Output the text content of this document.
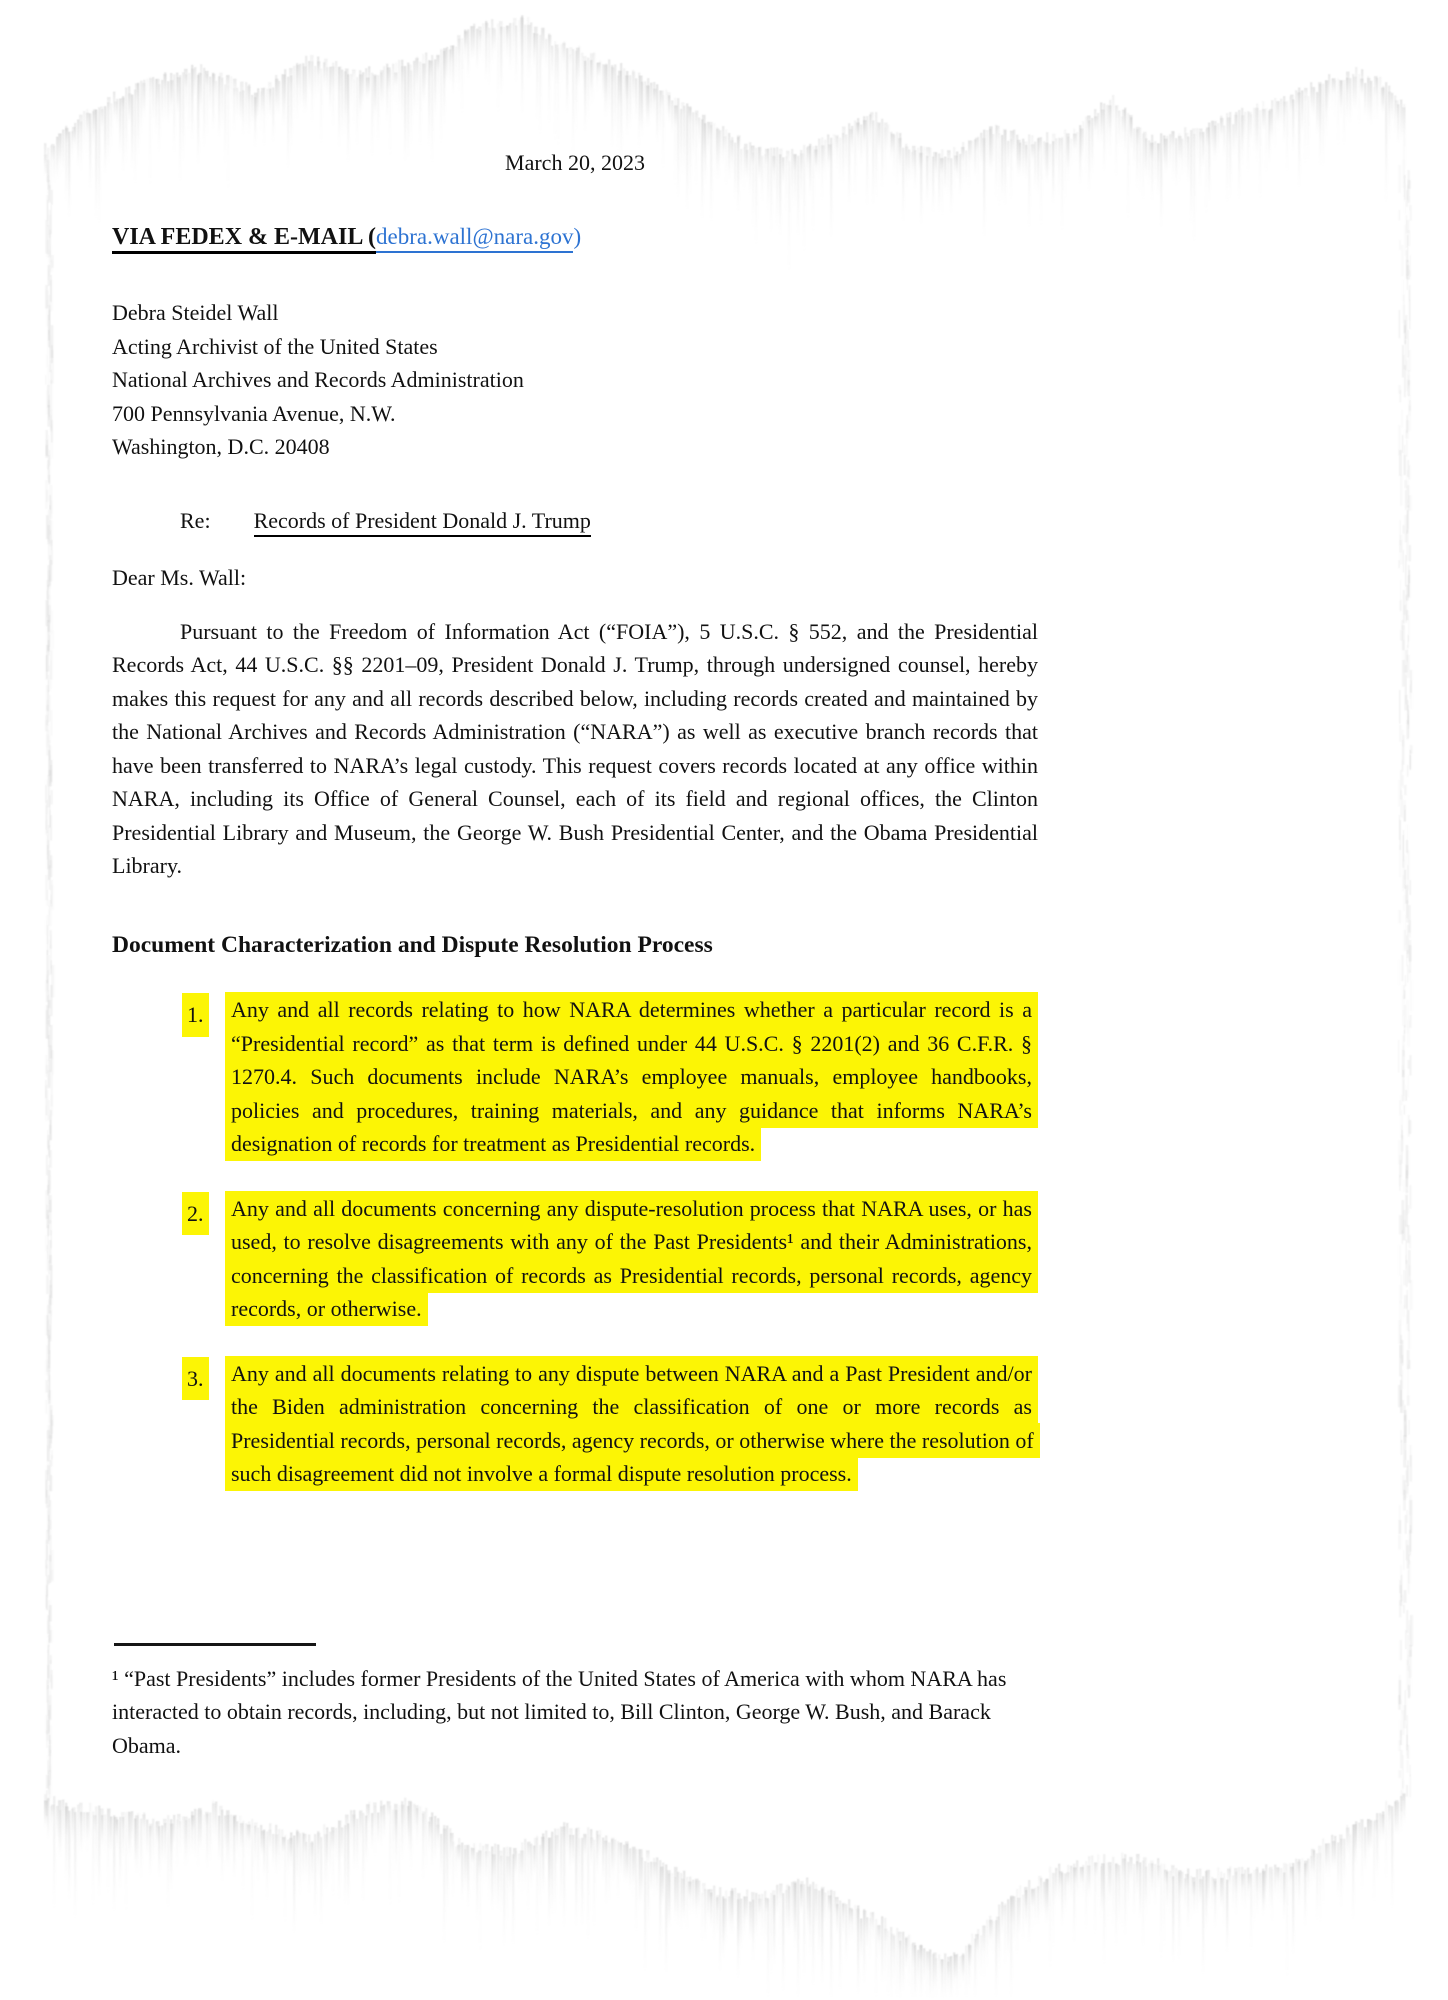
March 20, 2023
VIA FEDEX & E-MAIL (debra.wall@nara.gov)
Debra Steidel Wall
Acting Archivist of the United States
National Archives and Records Administration
700 Pennsylvania Avenue, N.W.
Washington, D.C. 20408
Re: Records of President Donald J. Trump
Dear Ms. Wall:

Pursuant to the Freedom of Information Act (“FOIA”), 5 U.S.C. § 552, and the Presidential Records Act, 44 U.S.C. §§ 2201–09, President Donald J. Trump, through undersigned counsel, hereby makes this request for any and all records described below, including records created and maintained by the National Archives and Records Administration (“NARA”) as well as executive branch records that have been transferred to NARA’s legal custody. This request covers records located at any office within NARA, including its Office of General Counsel, each of its field and regional offices, the Clinton Presidential Library and Museum, the George W. Bush Presidential Center, and the Obama Presidential Library.

Document Characterization and Dispute Resolution Process
1. Any and all records relating to how NARA determines whether a particular record is a “Presidential record” as that term is defined under 44 U.S.C. § 2201(2) and 36 C.F.R. § 1270.4. Such documents include NARA’s employee manuals, employee handbooks, policies and procedures, training materials, and any guidance that informs NARA’s designation of records for treatment as Presidential records.
2. Any and all documents concerning any dispute-resolution process that NARA uses, or has used, to resolve disagreements with any of the Past Presidents¹ and their Administrations, concerning the classification of records as Presidential records, personal records, agency records, or otherwise.
3. Any and all documents relating to any dispute between NARA and a Past President and/or the Biden administration concerning the classification of one or more records as Presidential records, personal records, agency records, or otherwise where the resolution of such disagreement did not involve a formal dispute resolution process.

¹ “Past Presidents” includes former Presidents of the United States of America with whom NARA has interacted to obtain records, including, but not limited to, Bill Clinton, George W. Bush, and Barack Obama.
